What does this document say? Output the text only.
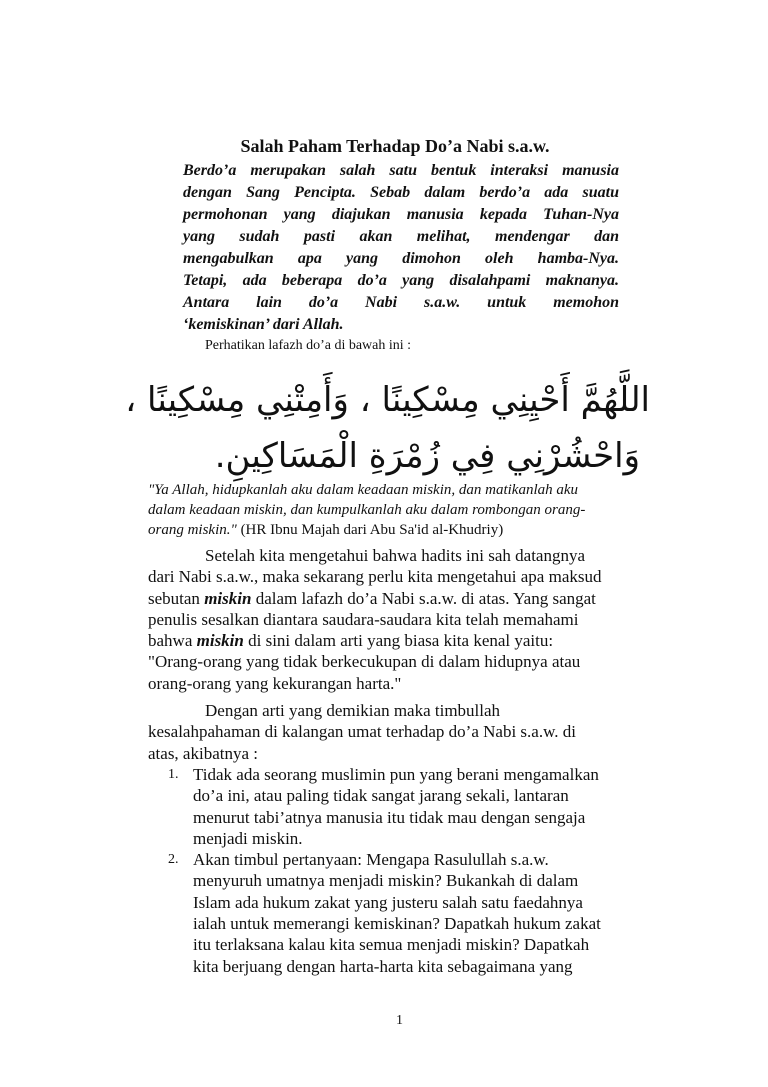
Salah Paham Terhadap Do’a Nabi s.a.w.
Berdo’a merupakan salah satu bentuk interaksi manusia
dengan Sang Pencipta. Sebab dalam berdo’a ada suatu
permohonan yang diajukan manusia kepada Tuhan-Nya
yang sudah pasti akan melihat, mendengar dan
mengabulkan apa yang dimohon oleh hamba-Nya.
Tetapi, ada beberapa do’a yang disalahpami maknanya.
Antara lain do’a Nabi s.a.w. untuk memohon
‘kemiskinan’ dari Allah.
Perhatikan lafazh do’a di bawah ini :
اللَّهُمَّ أَحْيِنِي مِسْكِينًا ، وَأَمِتْنِي مِسْكِينًا ،
وَاحْشُرْنِي فِي زُمْرَةِ الْمَسَاكِينِ.
"Ya Allah, hidupkanlah aku dalam keadaan miskin, dan matikanlah aku
dalam keadaan miskin, dan kumpulkanlah aku dalam rombongan orang-
orang miskin." (HR Ibnu Majah dari Abu Sa'id al-Khudriy)
Setelah kita mengetahui bahwa hadits ini sah datangnya
dari Nabi s.a.w., maka sekarang perlu kita mengetahui apa maksud
sebutan miskin dalam lafazh do’a Nabi s.a.w. di atas. Yang sangat
penulis sesalkan diantara saudara-saudara kita telah memahami
bahwa miskin di sini dalam arti yang biasa kita kenal yaitu:
"Orang-orang yang tidak berkecukupan di dalam hidupnya atau
orang-orang yang kekurangan harta."
Dengan arti yang demikian maka timbullah
kesalahpahaman di kalangan umat terhadap do’a Nabi s.a.w. di
atas, akibatnya :
1. Tidak ada seorang muslimin pun yang berani mengamalkan
do’a ini, atau paling tidak sangat jarang sekali, lantaran
menurut tabi’atnya manusia itu tidak mau dengan sengaja
menjadi miskin.
2. Akan timbul pertanyaan: Mengapa Rasulullah s.a.w.
menyuruh umatnya menjadi miskin? Bukankah di dalam
Islam ada hukum zakat yang justeru salah satu faedahnya
ialah untuk memerangi kemiskinan? Dapatkah hukum zakat
itu terlaksana kalau kita semua menjadi miskin? Dapatkah
kita berjuang dengan harta-harta kita sebagaimana yang
1
